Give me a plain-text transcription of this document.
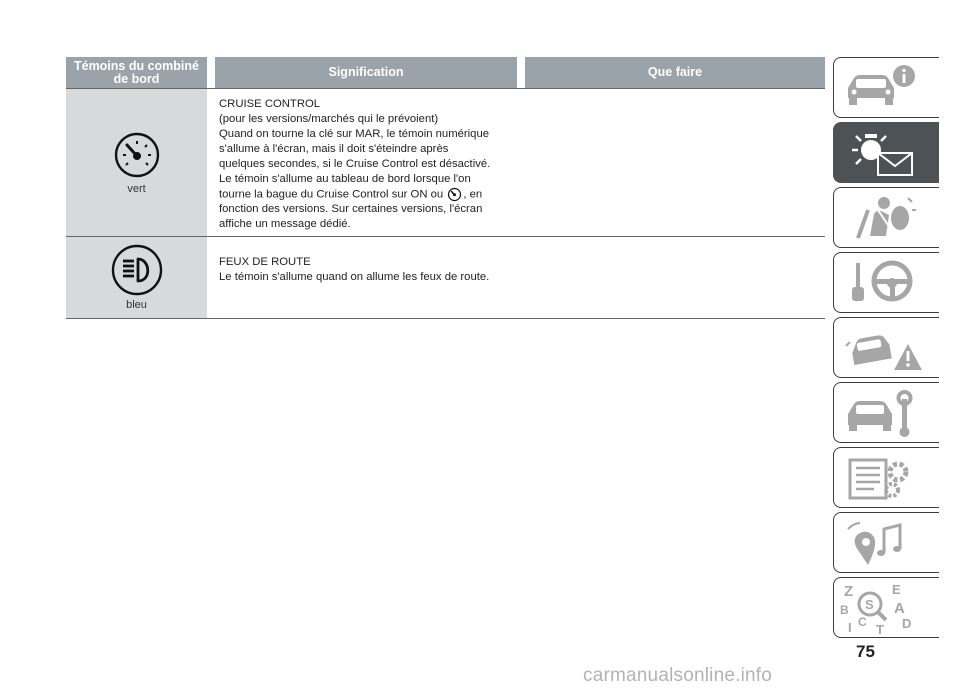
Témoins du combiné de bord	Signification	Que faire
vert
CRUISE CONTROL
(pour les versions/marchés qui le prévoient)
Quand on tourne la clé sur MAR, le témoin numérique
s'allume à l'écran, mais il doit s'éteindre après
quelques secondes, si le Cruise Control est désactivé.
Le témoin s'allume au tableau de bord lorsque l'on
tourne la bague du Cruise Control sur ON ou , en
fonction des versions. Sur certaines versions, l'écran
affiche un message dédié.
bleu
FEUX DE ROUTE
Le témoin s'allume quand on allume les feux de route.
Z
S
E
A
B
C T D
I
75
carmanualsonline.info
